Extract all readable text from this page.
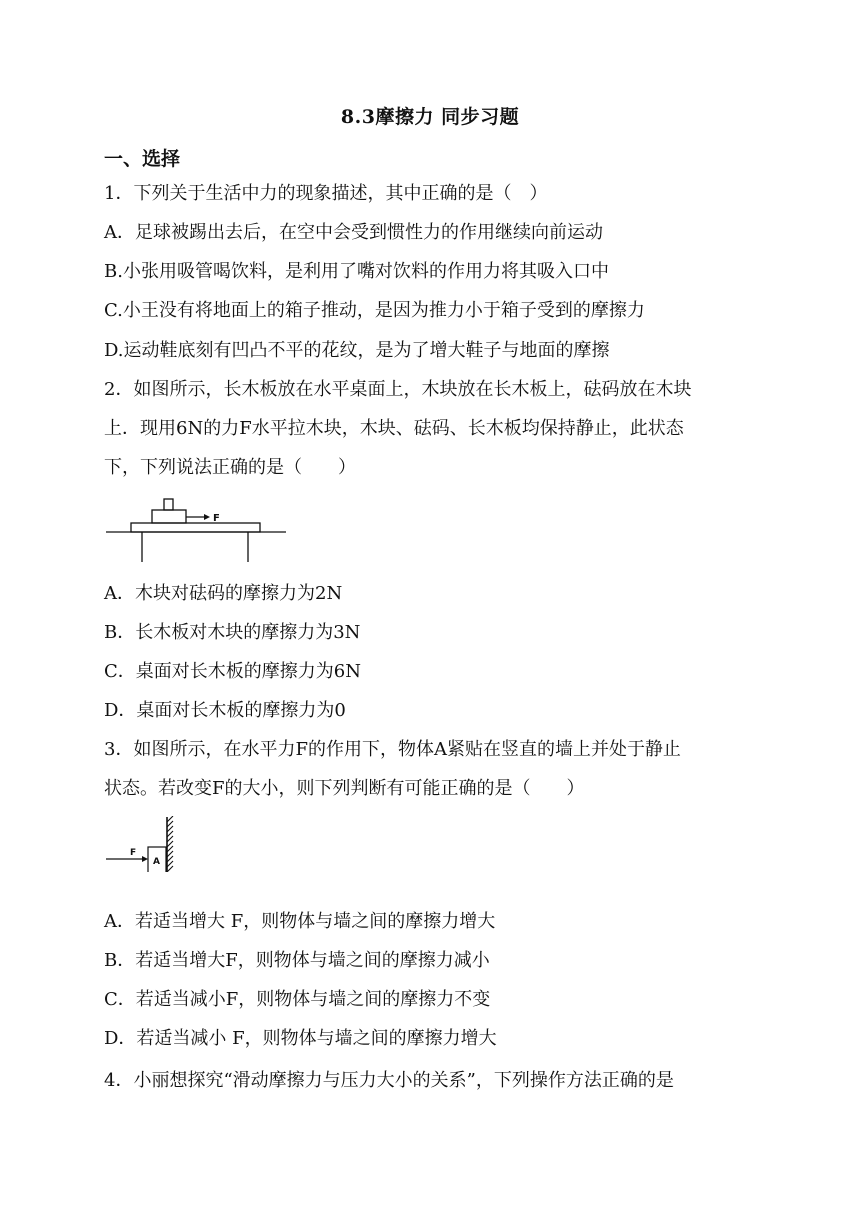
8.3摩擦力 同步习题
一、选择
1．下列关于生活中力的现象描述，其中正确的是（　）
A．足球被踢出去后，在空中会受到惯性力的作用继续向前运动
B.小张用吸管喝饮料，是利用了嘴对饮料的作用力将其吸入口中
C.小王没有将地面上的箱子推动，是因为推力小于箱子受到的摩擦力
D.运动鞋底刻有凹凸不平的花纹，是为了增大鞋子与地面的摩擦
2．如图所示，长木板放在水平桌面上，木块放在长木板上，砝码放在木块
上．现用6N的力F水平拉木块，木块、砝码、长木板均保持静止，此状态
下，下列说法正确的是（　　）
F
A．木块对砝码的摩擦力为2N
B．长木板对木块的摩擦力为3N
C．桌面对长木板的摩擦力为6N
D．桌面对长木板的摩擦力为0
3．如图所示，在水平力F的作用下，物体A紧贴在竖直的墙上并处于静止
状态。若改变F的大小，则下列判断有可能正确的是（　　）
F
A
A．若适当增大 F，则物体与墙之间的摩擦力增大
B．若适当增大F，则物体与墙之间的摩擦力减小
C．若适当减小F，则物体与墙之间的摩擦力不变
D．若适当减小 F，则物体与墙之间的摩擦力增大
4．小丽想探究“滑动摩擦力与压力大小的关系”，下列操作方法正确的是
